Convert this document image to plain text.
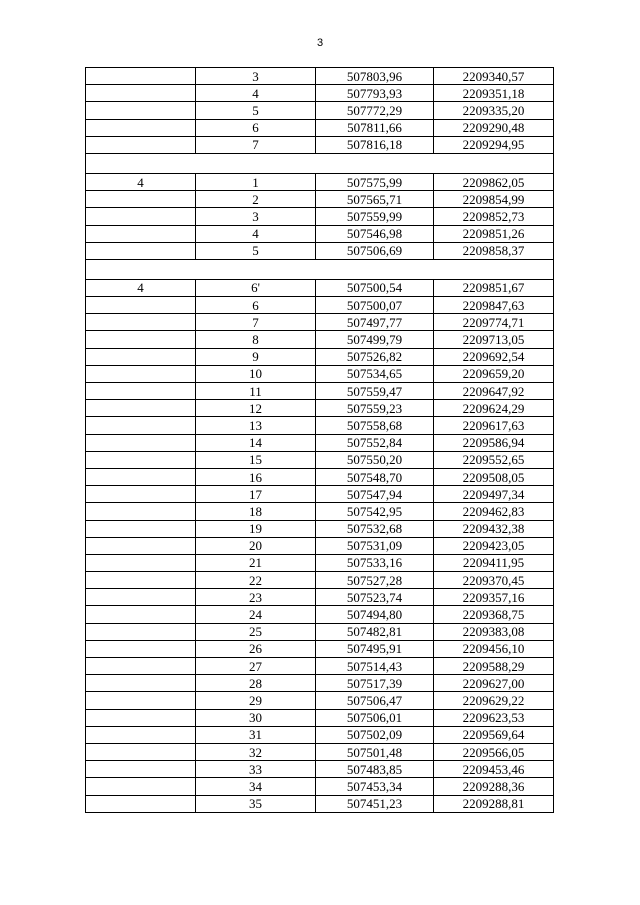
3
	3	507803,96	2209340,57
	4	507793,93	2209351,18
	5	507772,29	2209335,20
	6	507811,66	2209290,48
	7	507816,18	2209294,95

4	1	507575,99	2209862,05
	2	507565,71	2209854,99
	3	507559,99	2209852,73
	4	507546,98	2209851,26
	5	507506,69	2209858,37

4	6'	507500,54	2209851,67
	6	507500,07	2209847,63
	7	507497,77	2209774,71
	8	507499,79	2209713,05
	9	507526,82	2209692,54
	10	507534,65	2209659,20
	11	507559,47	2209647,92
	12	507559,23	2209624,29
	13	507558,68	2209617,63
	14	507552,84	2209586,94
	15	507550,20	2209552,65
	16	507548,70	2209508,05
	17	507547,94	2209497,34
	18	507542,95	2209462,83
	19	507532,68	2209432,38
	20	507531,09	2209423,05
	21	507533,16	2209411,95
	22	507527,28	2209370,45
	23	507523,74	2209357,16
	24	507494,80	2209368,75
	25	507482,81	2209383,08
	26	507495,91	2209456,10
	27	507514,43	2209588,29
	28	507517,39	2209627,00
	29	507506,47	2209629,22
	30	507506,01	2209623,53
	31	507502,09	2209569,64
	32	507501,48	2209566,05
	33	507483,85	2209453,46
	34	507453,34	2209288,36
	35	507451,23	2209288,81
